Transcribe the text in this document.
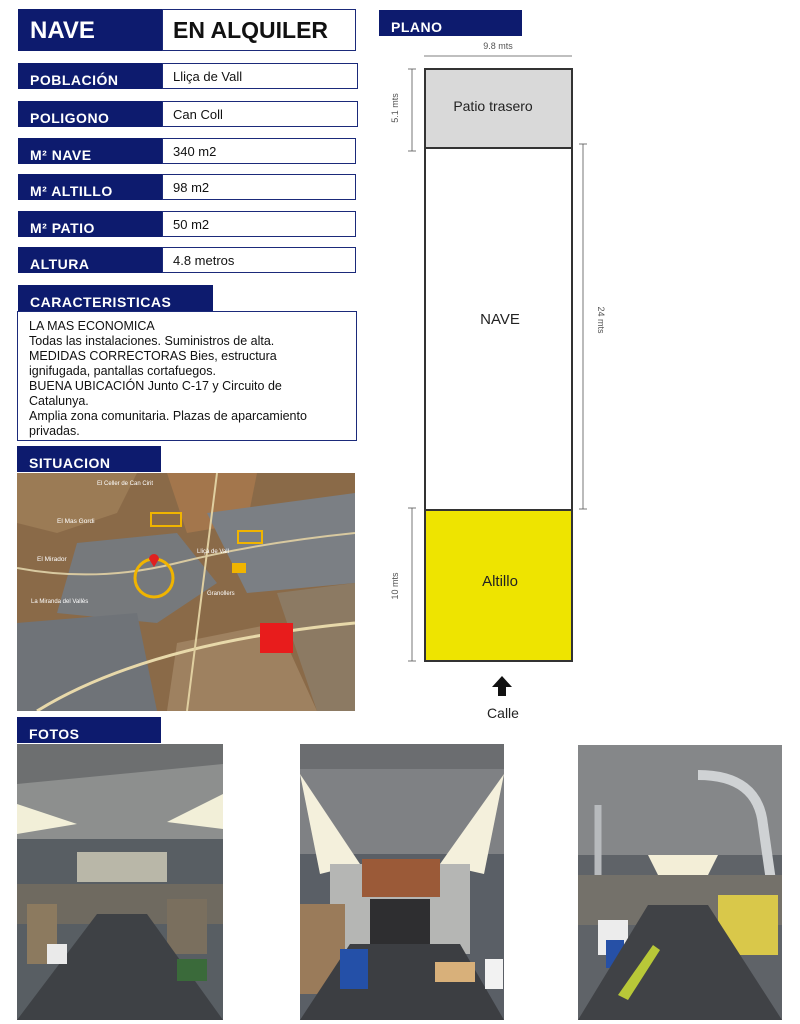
NAVE	EN ALQUILER
POBLACIÓN	Lliça de Vall
POLIGONO	Can Coll
M² NAVE	340 m2
M² ALTILLO	98 m2
M² PATIO	50 m2
ALTURA	4.8 metros
CARACTERISTICAS
LA MAS ECONOMICA
Todas las instalaciones. Suministros de alta.
MEDIDAS CORRECTORAS Bies, estructura
ignifugada, pantallas cortafuegos.
BUENA UBICACIÓN Junto C-17 y Circuito de
Catalunya.
Amplia zona comunitaria. Plazas de aparcamiento
privadas.
SITUACION
El Celler de Can Cirit
El Mas Gordi
El Mirador
La Miranda del Vallès
Lliçà de Vall
Granollers
PLANO
9.8 mts
Patio trasero
NAVE
Altillo
5.1 mts
24 mts
10 mts
Calle
FOTOS
